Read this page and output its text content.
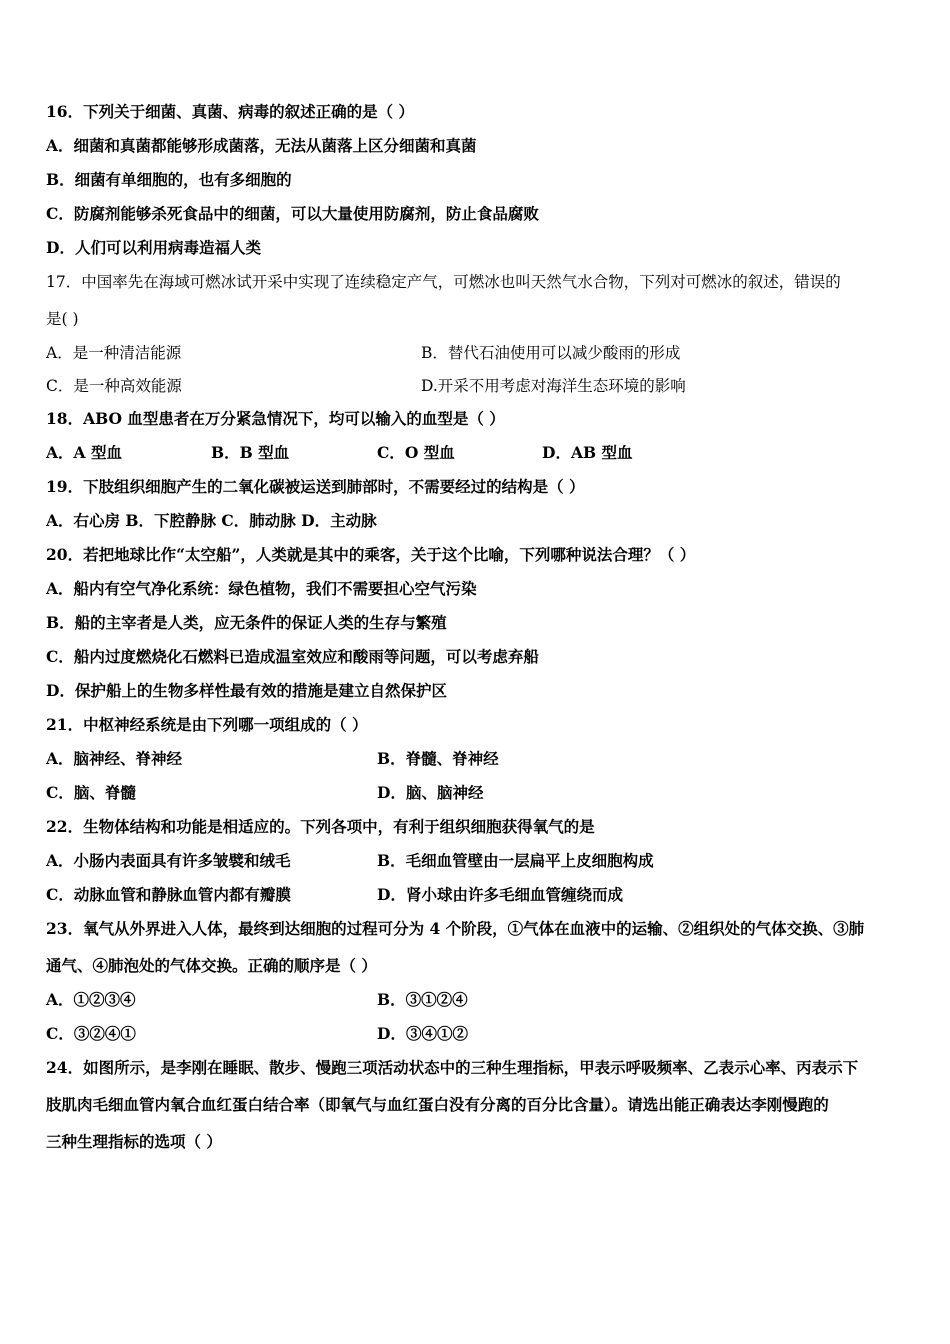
16．下列关于细菌、真菌、病毒的叙述正确的是（ ）
A．细菌和真菌都能够形成菌落，无法从菌落上区分细菌和真菌
B．细菌有单细胞的，也有多细胞的
C．防腐剂能够杀死食品中的细菌，可以大量使用防腐剂，防止食品腐败
D．人们可以利用病毒造福人类
17．中国率先在海域可燃冰试开采中实现了连续稳定产气，可燃冰也叫天然气水合物，下列对可燃冰的叙述，错误的
是( )
A．是一种清洁能源	B．替代石油使用可以减少酸雨的形成
C．是一种高效能源	D.开采不用考虑对海洋生态环境的影响
18．ABO 血型患者在万分紧急情况下，均可以输入的血型是（ ）
A．A 型血	B．B 型血	C．O 型血	D．AB 型血
19．下肢组织细胞产生的二氧化碳被运送到肺部时，不需要经过的结构是（ ）
A．右心房 B．下腔静脉 C．肺动脉 D．主动脉
20．若把地球比作“太空船”，人类就是其中的乘客，关于这个比喻，下列哪种说法合理？（ ）
A．船内有空气净化系统：绿色植物，我们不需要担心空气污染
B．船的主宰者是人类，应无条件的保证人类的生存与繁殖
C．船内过度燃烧化石燃料已造成温室效应和酸雨等问题，可以考虑弃船
D．保护船上的生物多样性最有效的措施是建立自然保护区
21．中枢神经系统是由下列哪一项组成的（ ）
A．脑神经、脊神经	B．脊髓、脊神经
C．脑、脊髓	D．脑、脑神经
22．生物体结构和功能是相适应的。下列各项中，有利于组织细胞获得氧气的是
A．小肠内表面具有许多皱襞和绒毛	B．毛细血管壁由一层扁平上皮细胞构成
C．动脉血管和静脉血管内都有瓣膜	D．肾小球由许多毛细血管缠绕而成
23．氧气从外界进入人体，最终到达细胞的过程可分为 4 个阶段，①气体在血液中的运输、②组织处的气体交换、③肺
通气、④肺泡处的气体交换。正确的顺序是（ ）
A．①②③④	B．③①②④
C．③②④①	D．③④①②
24．如图所示，是李刚在睡眠、散步、慢跑三项活动状态中的三种生理指标，甲表示呼吸频率、乙表示心率、丙表示下
肢肌肉毛细血管内氧合血红蛋白结合率（即氧气与血红蛋白没有分离的百分比含量）。请选出能正确表达李刚慢跑的
三种生理指标的选项（ ）
